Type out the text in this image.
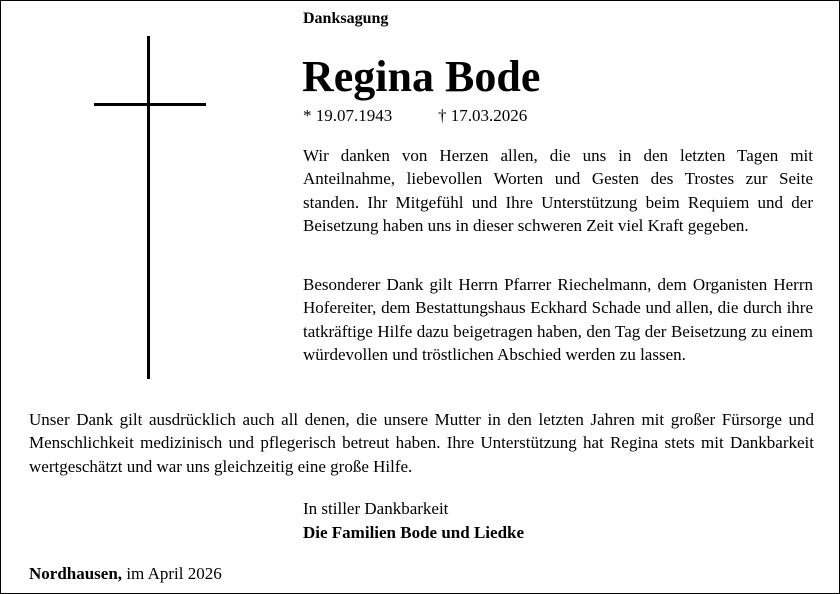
Danksagung
Regina Bode
* 19.07.1943	† 17.03.2026

Wir danken von Herzen allen, die uns in den letzten Tagen mit Anteilnahme, liebevollen Worten und Gesten des Trostes zur Seite standen. Ihr Mitgefühl und Ihre Unterstützung beim Requiem und der Beisetzung haben uns in dieser schweren Zeit viel Kraft gegeben.

Besonderer Dank gilt Herrn Pfarrer Riechelmann, dem Organisten Herrn Hofereiter, dem Bestattungshaus Eckhard Schade und allen, die durch ihre tatkräftige Hilfe dazu beigetragen haben, den Tag der Beisetzung zu einem würdevollen und tröstlichen Abschied werden zu lassen.

Unser Dank gilt ausdrücklich auch all denen, die unsere Mutter in den letzten Jahren mit großer Fürsorge und Menschlichkeit medizinisch und pflegerisch betreut haben. Ihre Unterstützung hat Regina stets mit Dankbarkeit wertgeschätzt und war uns gleichzeitig eine große Hilfe.

In stiller Dankbarkeit
Die Familien Bode und Liedke
Nordhausen, im April 2026
